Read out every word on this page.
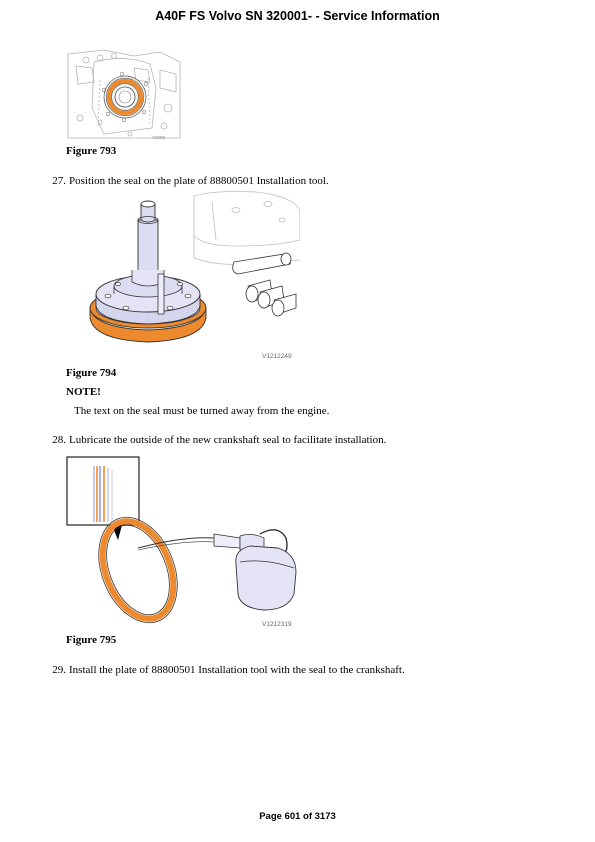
A40F FS Volvo SN 320001- - Service Information
V0098
Figure 793
27. Position the seal on the plate of 88800501 Installation tool.
V1212249
Figure 794
NOTE!
The text on the seal must be turned away from the engine.
28. Lubricate the outside of the new crankshaft seal to facilitate installation.
V1212319
Figure 795
29. Install the plate of 88800501 Installation tool with the seal to the crankshaft.
Page 601 of 3173
